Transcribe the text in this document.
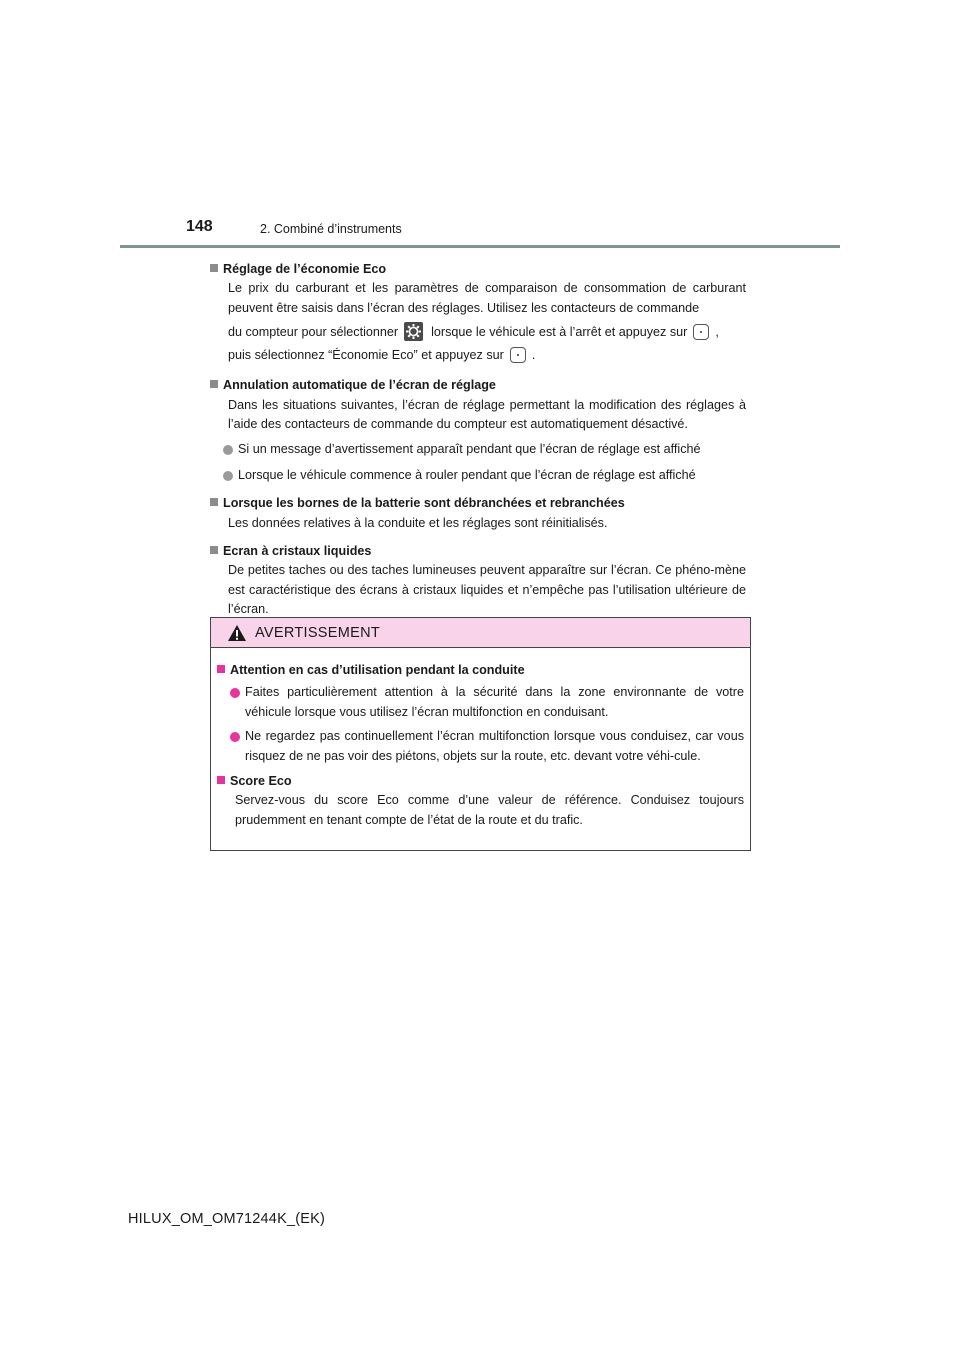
148	2. Combiné d’instruments
Réglage de l’économie Eco
Le prix du carburant et les paramètres de comparaison de consommation de carburant peuvent être saisis dans l’écran des réglages. Utilisez les contacteurs de commande
du compteur pour sélectionner	lorsque le véhicule est à l’arrêt et appuyez sur ,
puis sélectionnez “Économie Eco” et appuyez sur .
Annulation automatique de l’écran de réglage
Dans les situations suivantes, l’écran de réglage permettant la modification des réglages à l’aide des contacteurs de commande du compteur est automatiquement désactivé.
Si un message d’avertissement apparaît pendant que l’écran de réglage est affiché
Lorsque le véhicule commence à rouler pendant que l’écran de réglage est affiché
Lorsque les bornes de la batterie sont débranchées et rebranchées
Les données relatives à la conduite et les réglages sont réinitialisés.
Ecran à cristaux liquides
De petites taches ou des taches lumineuses peuvent apparaître sur l’écran. Ce phéno-mène est caractéristique des écrans à cristaux liquides et n’empêche pas l’utilisation ultérieure de l’écran.
AVERTISSEMENT
Attention en cas d’utilisation pendant la conduite
Faites particulièrement attention à la sécurité dans la zone environnante de votre véhicule lorsque vous utilisez l’écran multifonction en conduisant.
Ne regardez pas continuellement l’écran multifonction lorsque vous conduisez, car vous risquez de ne pas voir des piétons, objets sur la route, etc. devant votre véhi-cule.
Score Eco
Servez-vous du score Eco comme d’une valeur de référence. Conduisez toujours prudemment en tenant compte de l’état de la route et du trafic.
HILUX_OM_OM71244K_(EK)
